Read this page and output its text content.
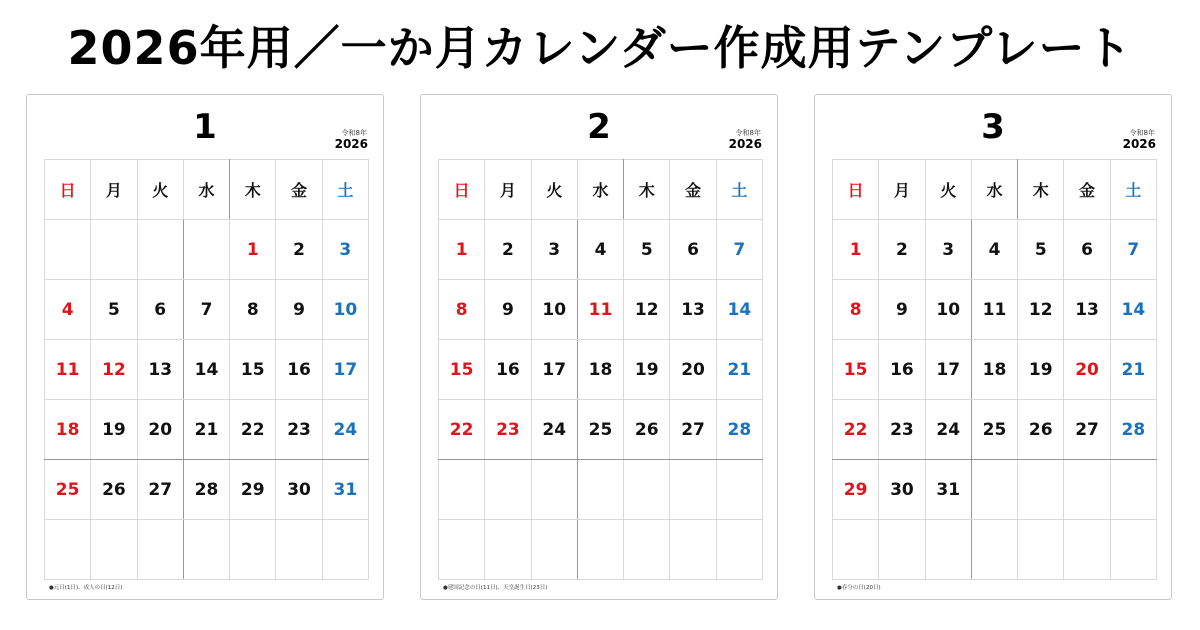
2026年用／一か月カレンダー作成用テンプレート
1	令和8年
2026
日	月	火	水	木	金	土
				1	2	3
4	5	6	7	8	9	10
11	12	13	14	15	16	17
18	19	20	21	22	23	24
25	26	27	28	29	30	31

●元日(1日)、成人の日(12日)
2	令和8年
2026
日	月	火	水	木	金	土
1	2	3	4	5	6	7
8	9	10	11	12	13	14
15	16	17	18	19	20	21
22	23	24	25	26	27	28

●建国記念の日(11日)、天皇誕生日(23日)
3	令和8年
2026
日	月	火	水	木	金	土
1	2	3	4	5	6	7
8	9	10	11	12	13	14
15	16	17	18	19	20	21
22	23	24	25	26	27	28
29	30	31				

●春分の日(20日)
